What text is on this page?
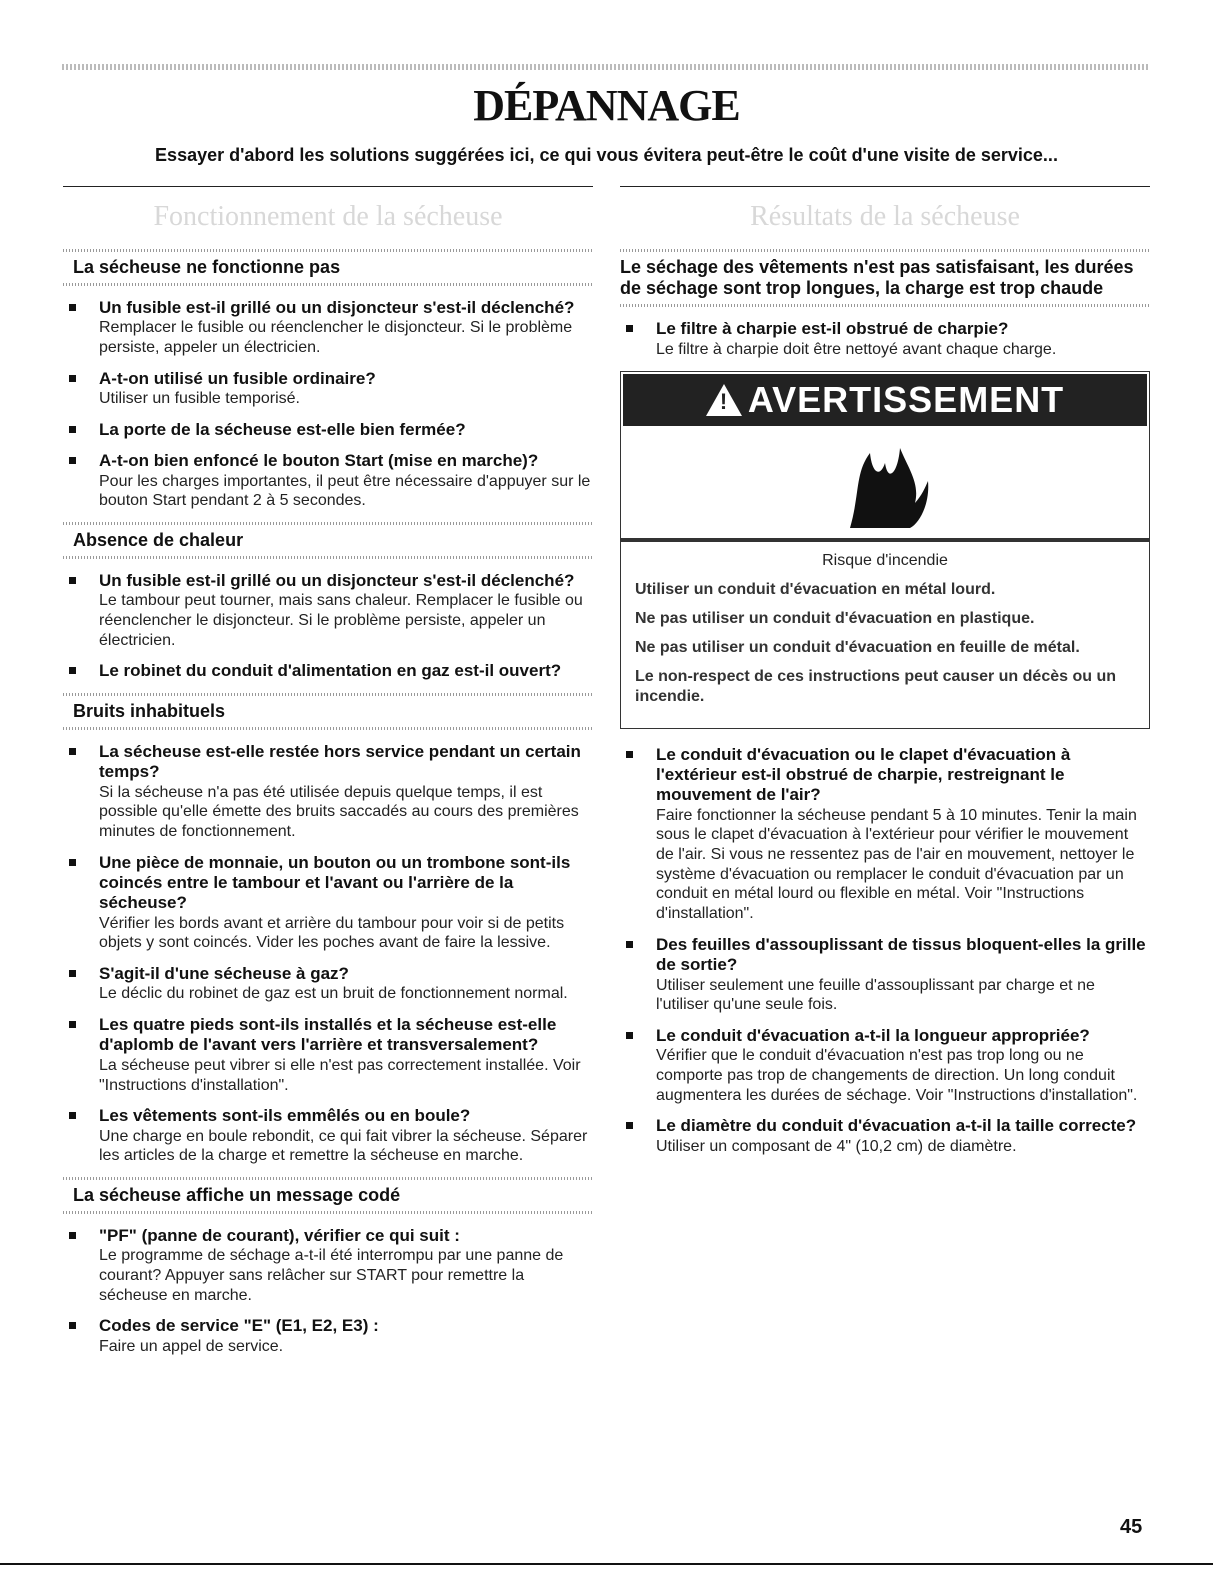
DÉPANNAGE
Essayer d'abord les solutions suggérées ici, ce qui vous évitera peut-être le coût d'une visite de service...
Fonctionnement de la sécheuse
La sécheuse ne fonctionne pas
Un fusible est-il grillé ou un disjoncteur s'est-il déclenché?
Remplacer le fusible ou réenclencher le disjoncteur. Si le problème persiste, appeler un électricien.
A-t-on utilisé un fusible ordinaire?
Utiliser un fusible temporisé.
La porte de la sécheuse est-elle bien fermée?
A-t-on bien enfoncé le bouton Start (mise en marche)?
Pour les charges importantes, il peut être nécessaire d'appuyer sur le bouton Start pendant 2 à 5 secondes.
Absence de chaleur
Un fusible est-il grillé ou un disjoncteur s'est-il déclenché?
Le tambour peut tourner, mais sans chaleur. Remplacer le fusible ou réenclencher le disjoncteur. Si le problème persiste, appeler un électricien.
Le robinet du conduit d'alimentation en gaz est-il ouvert?
Bruits inhabituels
La sécheuse est-elle restée hors service pendant un certain temps?
Si la sécheuse n'a pas été utilisée depuis quelque temps, il est possible qu'elle émette des bruits saccadés au cours des premières minutes de fonctionnement.
Une pièce de monnaie, un bouton ou un trombone sont-ils coincés entre le tambour et l'avant ou l'arrière de la sécheuse?
Vérifier les bords avant et arrière du tambour pour voir si de petits objets y sont coincés. Vider les poches avant de faire la lessive.
S'agit-il d'une sécheuse à gaz?
Le déclic du robinet de gaz est un bruit de fonctionnement normal.
Les quatre pieds sont-ils installés et la sécheuse est-elle d'aplomb de l'avant vers l'arrière et transversalement?
La sécheuse peut vibrer si elle n'est pas correctement installée. Voir "Instructions d'installation".
Les vêtements sont-ils emmêlés ou en boule?
Une charge en boule rebondit, ce qui fait vibrer la sécheuse. Séparer les articles de la charge et remettre la sécheuse en marche.
La sécheuse affiche un message codé
"PF" (panne de courant), vérifier ce qui suit :
Le programme de séchage a-t-il été interrompu par une panne de courant? Appuyer sans relâcher sur START pour remettre la sécheuse en marche.
Codes de service "E" (E1, E2, E3) :
Faire un appel de service.
Résultats de la sécheuse
Le séchage des vêtements n'est pas satisfaisant, les durées de séchage sont trop longues, la charge est trop chaude
Le filtre à charpie est-il obstrué de charpie?
Le filtre à charpie doit être nettoyé avant chaque charge.
!
AVERTISSEMENT
Risque d'incendie
Utiliser un conduit d'évacuation en métal lourd.
Ne pas utiliser un conduit d'évacuation en plastique.
Ne pas utiliser un conduit d'évacuation en feuille de métal.
Le non-respect de ces instructions peut causer un décès ou un incendie.
Le conduit d'évacuation ou le clapet d'évacuation à l'extérieur est-il obstrué de charpie, restreignant le mouvement de l'air?
Faire fonctionner la sécheuse pendant 5 à 10 minutes. Tenir la main sous le clapet d'évacuation à l'extérieur pour vérifier le mouvement de l'air. Si vous ne ressentez pas de l'air en mouvement, nettoyer le système d'évacuation ou remplacer le conduit d'évacuation par un conduit en métal lourd ou flexible en métal. Voir "Instructions d'installation".
Des feuilles d'assouplissant de tissus bloquent-elles la grille de sortie?
Utiliser seulement une feuille d'assouplissant par charge et ne l'utiliser qu'une seule fois.
Le conduit d'évacuation a-t-il la longueur appropriée?
Vérifier que le conduit d'évacuation n'est pas trop long ou ne comporte pas trop de changements de direction. Un long conduit augmentera les durées de séchage. Voir "Instructions d'installation".
Le diamètre du conduit d'évacuation a-t-il la taille correcte?
Utiliser un composant de 4" (10,2 cm) de diamètre.
45
